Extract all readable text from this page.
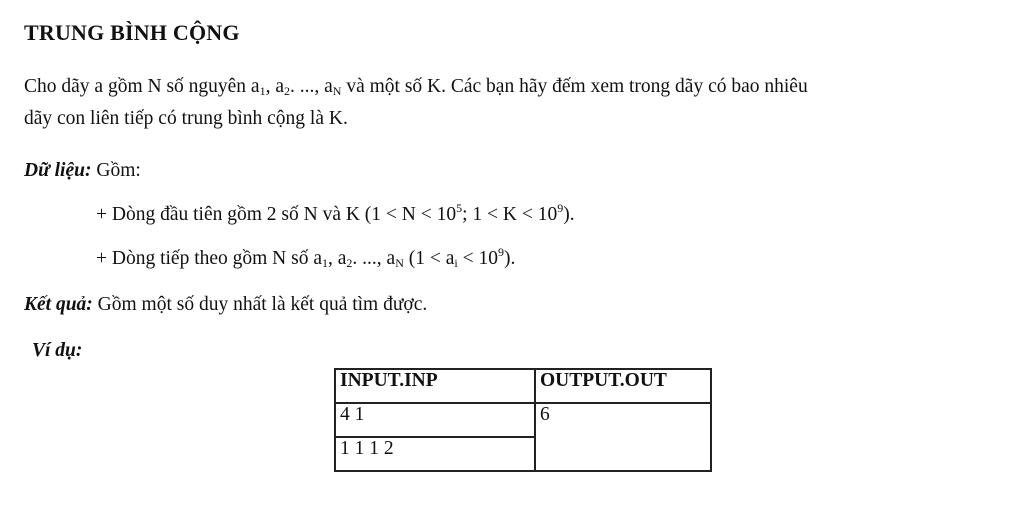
TRUNG BÌNH CỘNG
Cho dãy a gồm N số nguyên $a_1$, $a_2$. ..., $a_N$ và một số K. Các bạn hãy đếm xem trong dãy có bao nhiêu
dãy con liên tiếp có trung bình cộng là K.
Dữ liệu: Gồm:
+ Dòng đầu tiên gồm 2 số N và K ($1 < N < 10^5$; $1 < K < 10^9$).
+ Dòng tiếp theo gồm N số $a_1$, $a_2$. ..., $a_N$ $(1 < a_i < 10^9)$.
Kết quả: Gồm một số duy nhất là kết quả tìm được.
Ví dụ:
INPUT.INP	OUTPUT.OUT
4 1	6
1 1 1 2	
